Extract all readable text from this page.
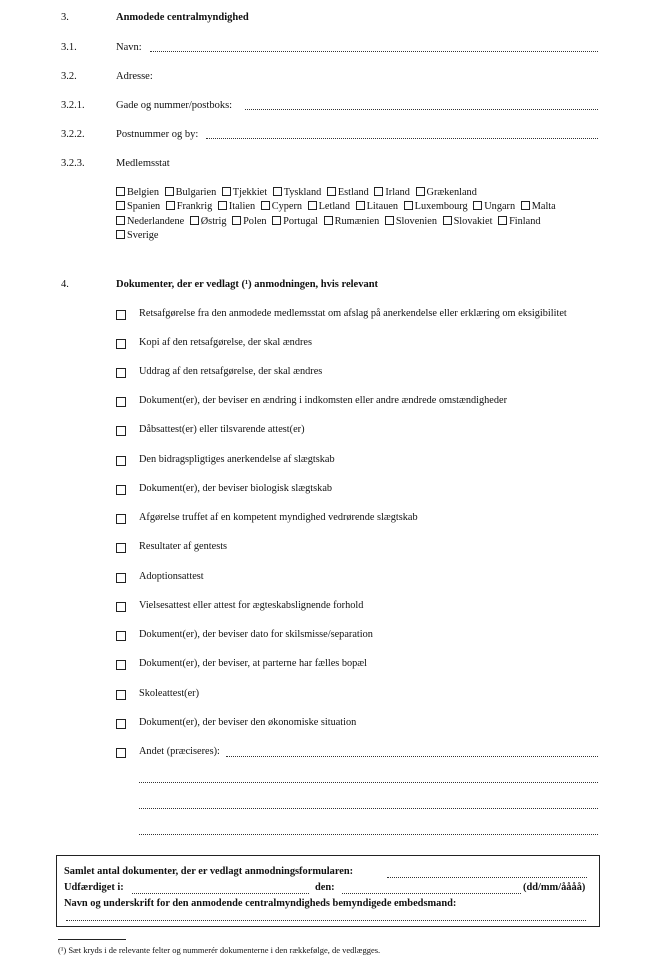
3.	Anmodede centralmyndighed
3.1.	Navn:
3.2.	Adresse:
3.2.1.	Gade og nummer/postboks:
3.2.2.	Postnummer og by:
3.2.3.	Medlemsstat
Belgien Bulgarien Tjekkiet Tyskland Estland Irland Grækenland
Spanien Frankrig Italien Cypern Letland Litauen Luxembourg Ungarn Malta
Nederlandene Østrig Polen Portugal Rumænien Slovenien Slovakiet Finland
Sverige
4.	Dokumenter, der er vedlagt (¹) anmodningen, hvis relevant
Retsafgørelse fra den anmodede medlemsstat om afslag på anerkendelse eller erklæring om eksigibilitet
Kopi af den retsafgørelse, der skal ændres
Uddrag af den retsafgørelse, der skal ændres
Dokument(er), der beviser en ændring i indkomsten eller andre ændrede omstændigheder
Dåbsattest(er) eller tilsvarende attest(er)
Den bidragspligtiges anerkendelse af slægtskab
Dokument(er), der beviser biologisk slægtskab
Afgørelse truffet af en kompetent myndighed vedrørende slægtskab
Resultater af gentests
Adoptionsattest
Vielsesattest eller attest for ægteskabslignende forhold
Dokument(er), der beviser dato for skilsmisse/separation
Dokument(er), der beviser, at parterne har fælles bopæl
Skoleattest(er)
Dokument(er), der beviser den økonomiske situation
Andet (præciseres):
Samlet antal dokumenter, der er vedlagt anmodningsformularen:
Udfærdiget i:	den:	(dd/mm/åååå)
Navn og underskrift for den anmodende centralmyndigheds bemyndigede embedsmand:
(¹) Sæt kryds i de relevante felter og nummerér dokumenterne i den rækkefølge, de vedlægges.
